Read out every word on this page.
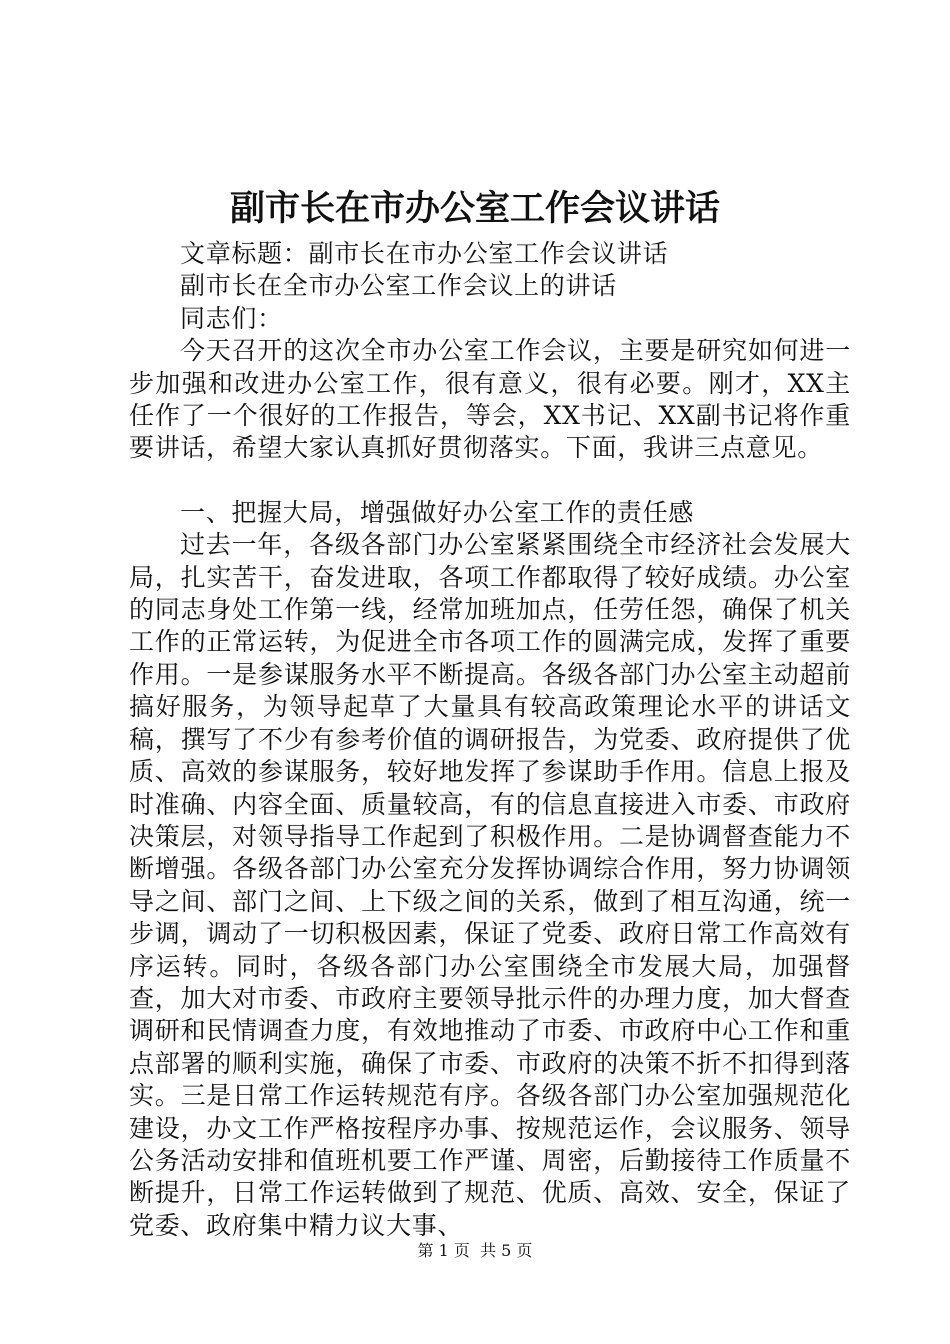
副市长在市办公室工作会议讲话

文章标题：副市长在市办公室工作会议讲话

副市长在全市办公室工作会议上的讲话

同志们：

今天召开的这次全市办公室工作会议，主要是研究如何进一步加强和改进办公室工作，很有意义，很有必要。刚才，XX主任作了一个很好的工作报告，等会，XX书记、XX副书记将作重要讲话，希望大家认真抓好贯彻落实。下面，我讲三点意见。

一、把握大局，增强做好办公室工作的责任感

过去一年，各级各部门办公室紧紧围绕全市经济社会发展大局，扎实苦干，奋发进取，各项工作都取得了较好成绩。办公室的同志身处工作第一线，经常加班加点，任劳任怨，确保了机关工作的正常运转，为促进全市各项工作的圆满完成，发挥了重要作用。一是参谋服务水平不断提高。各级各部门办公室主动超前搞好服务，为领导起草了大量具有较高政策理论水平的讲话文稿，撰写了不少有参考价值的调研报告，为党委、政府提供了优质、高效的参谋服务，较好地发挥了参谋助手作用。信息上报及时准确、内容全面、质量较高，有的信息直接进入市委、市政府决策层，对领导指导工作起到了积极作用。二是协调督查能力不断增强。各级各部门办公室充分发挥协调综合作用，努力协调领导之间、部门之间、上下级之间的关系，做到了相互沟通，统一步调，调动了一切积极因素，保证了党委、政府日常工作高效有序运转。同时，各级各部门办公室围绕全市发展大局，加强督查，加大对市委、市政府主要领导批示件的办理力度，加大督查调研和民情调查力度，有效地推动了市委、市政府中心工作和重点部署的顺利实施，确保了市委、市政府的决策不折不扣得到落实。三是日常工作运转规范有序。各级各部门办公室加强规范化建设，办文工作严格按程序办事、按规范运作，会议服务、领导公务活动安排和值班机要工作严谨、周密，后勤接待工作质量不断提升，日常工作运转做到了规范、优质、高效、安全，保证了党委、政府集中精力议大事、

第 1 页  共 5 页
